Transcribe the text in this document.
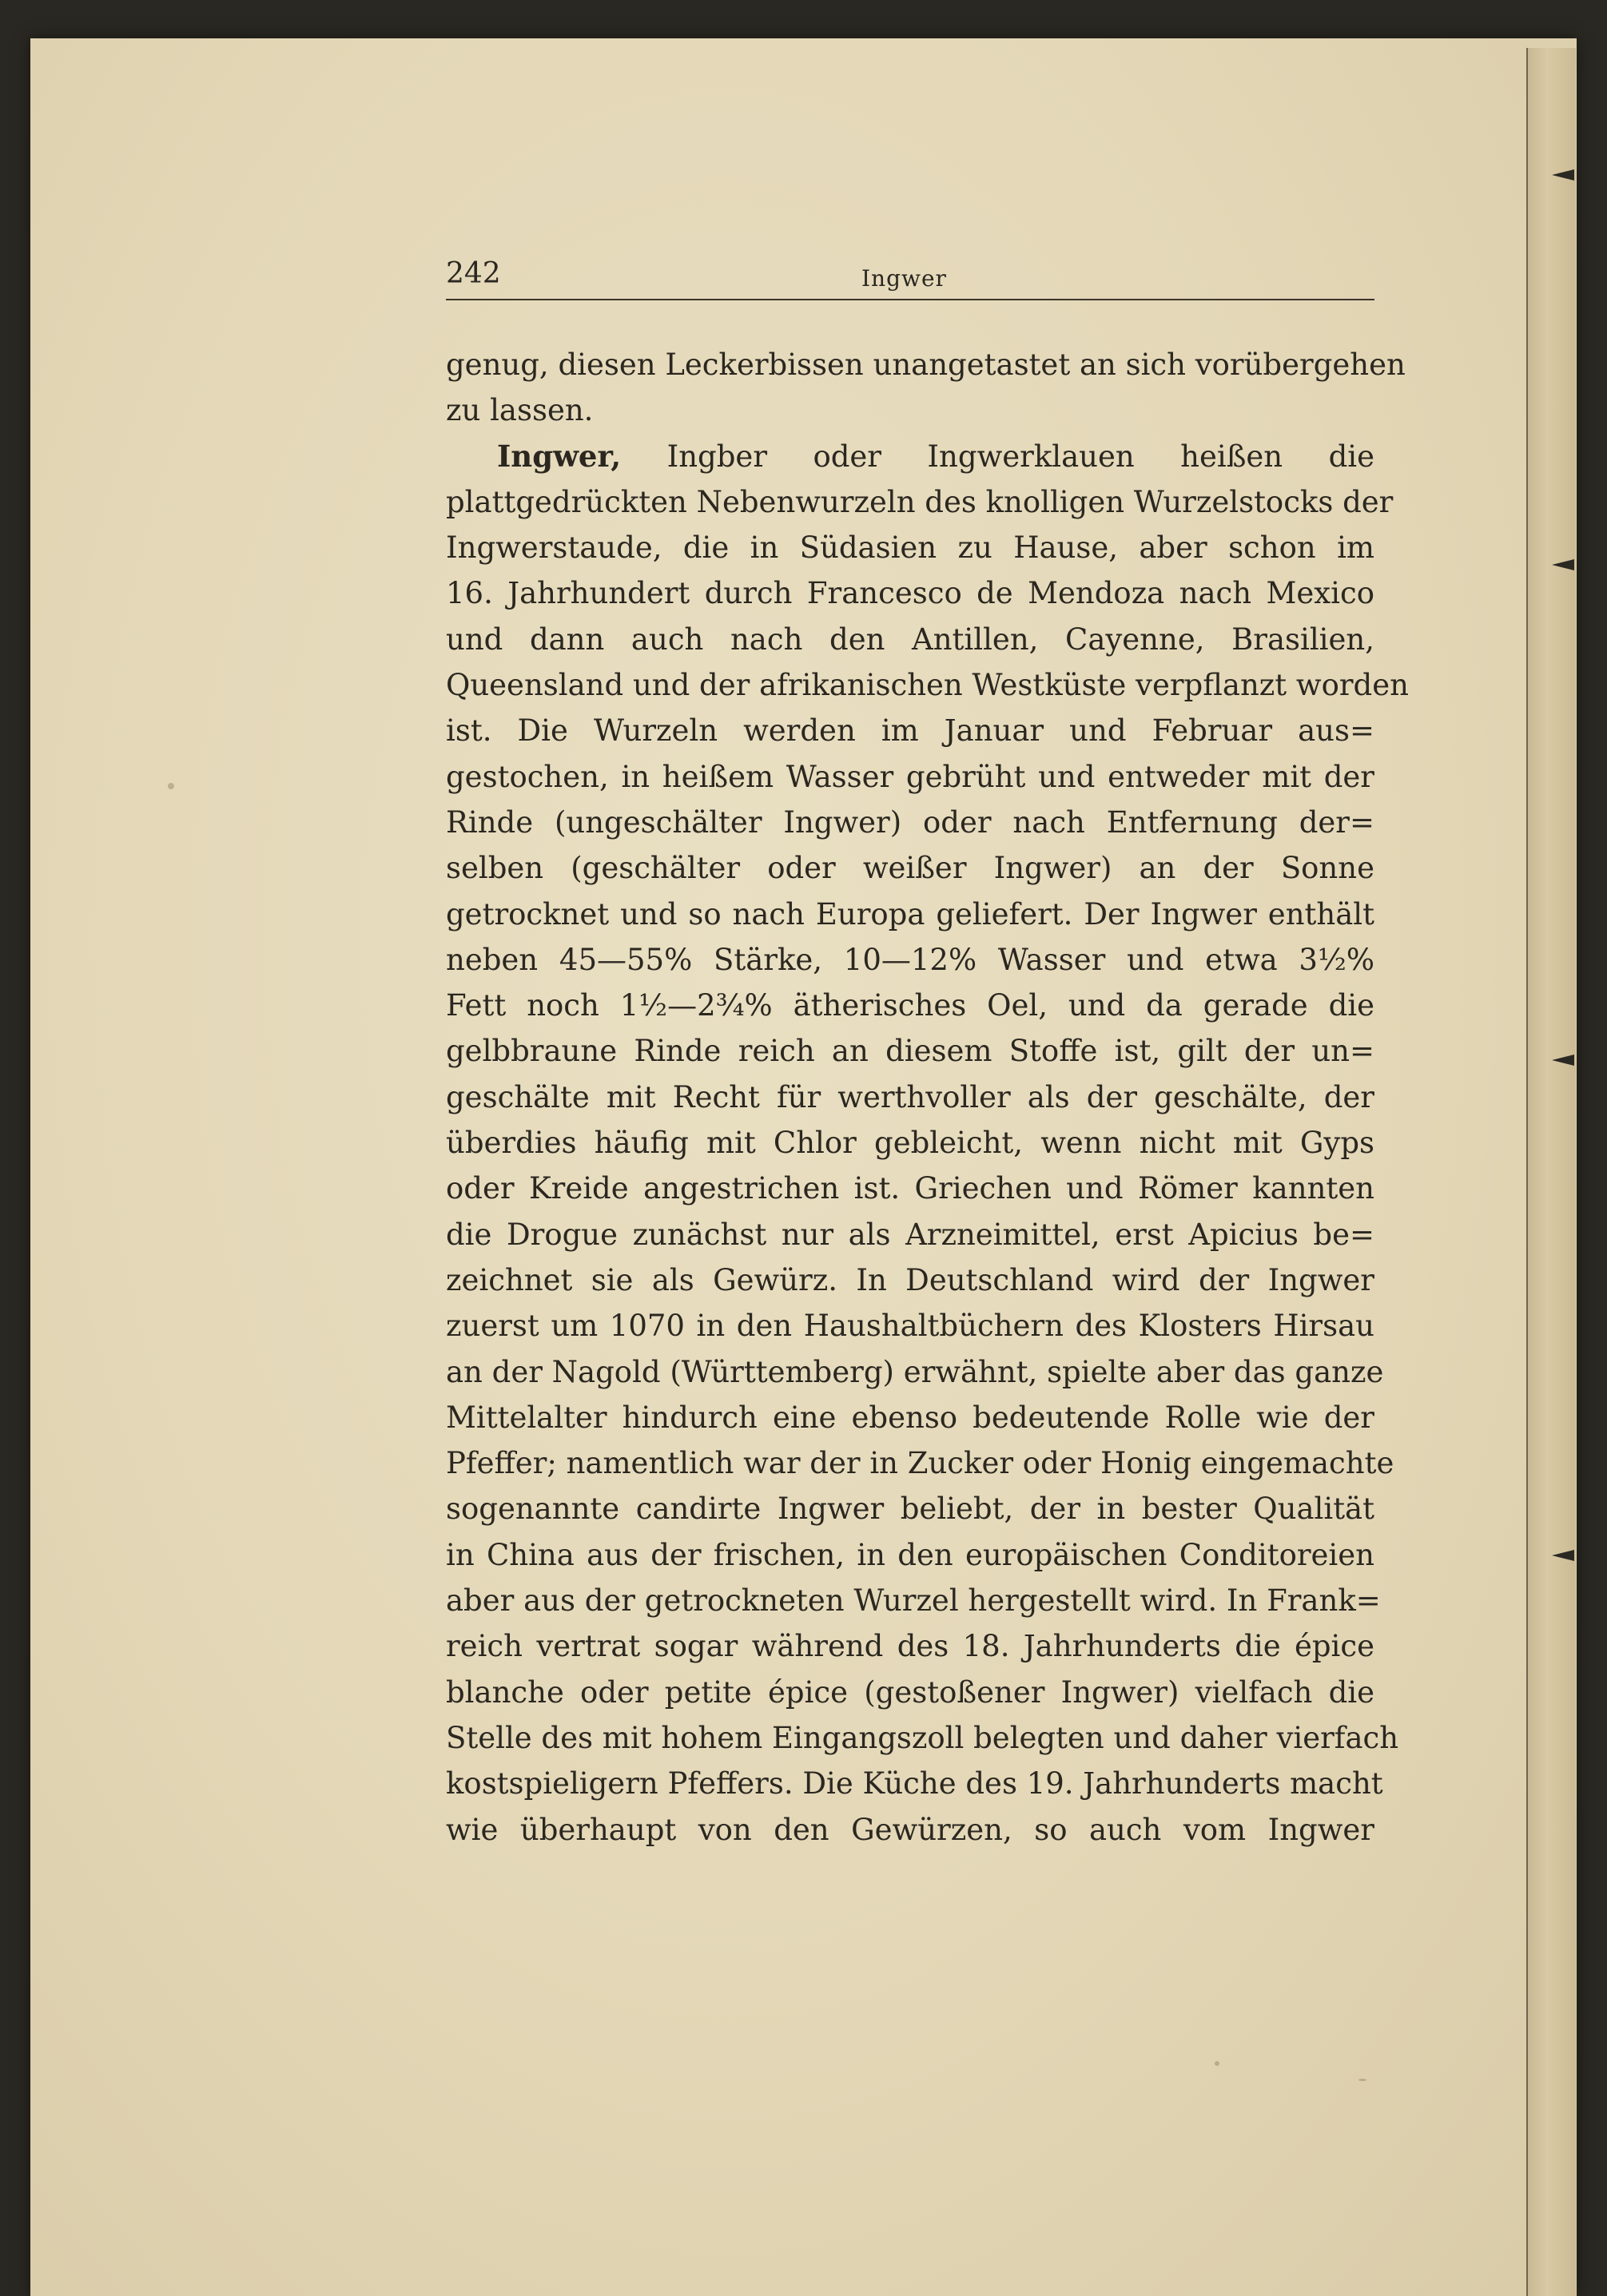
242	Ingwer
genug, diesen Leckerbissen unangetastet an sich vorübergehen
zu lassen.
Ingwer, Ingber oder Ingwerklauen heißen die
plattgedrückten Nebenwurzeln des knolligen Wurzelstocks der
Ingwerstaude, die in Südasien zu Hause, aber schon im
16. Jahrhundert durch Francesco de Mendoza nach Mexico
und dann auch nach den Antillen, Cayenne, Brasilien,
Queensland und der afrikanischen Westküste verpflanzt worden
ist. Die Wurzeln werden im Januar und Februar aus=
gestochen, in heißem Wasser gebrüht und entweder mit der
Rinde (ungeschälter Ingwer) oder nach Entfernung der=
selben (geschälter oder weißer Ingwer) an der Sonne
getrocknet und so nach Europa geliefert. Der Ingwer enthält
neben 45—55% Stärke, 10—12% Wasser und etwa 3½%
Fett noch 1½—2¾% ätherisches Oel, und da gerade die
gelbbraune Rinde reich an diesem Stoffe ist, gilt der un=
geschälte mit Recht für werthvoller als der geschälte, der
überdies häufig mit Chlor gebleicht, wenn nicht mit Gyps
oder Kreide angestrichen ist. Griechen und Römer kannten
die Drogue zunächst nur als Arzneimittel, erst Apicius be=
zeichnet sie als Gewürz. In Deutschland wird der Ingwer
zuerst um 1070 in den Haushaltbüchern des Klosters Hirsau
an der Nagold (Württemberg) erwähnt, spielte aber das ganze
Mittelalter hindurch eine ebenso bedeutende Rolle wie der
Pfeffer; namentlich war der in Zucker oder Honig eingemachte
sogenannte candirte Ingwer beliebt, der in bester Qualität
in China aus der frischen, in den europäischen Conditoreien
aber aus der getrockneten Wurzel hergestellt wird. In Frank=
reich vertrat sogar während des 18. Jahrhunderts die épice
blanche oder petite épice (gestoßener Ingwer) vielfach die
Stelle des mit hohem Eingangszoll belegten und daher vierfach
kostspieligern Pfeffers. Die Küche des 19. Jahrhunderts macht
wie überhaupt von den Gewürzen, so auch vom Ingwer
